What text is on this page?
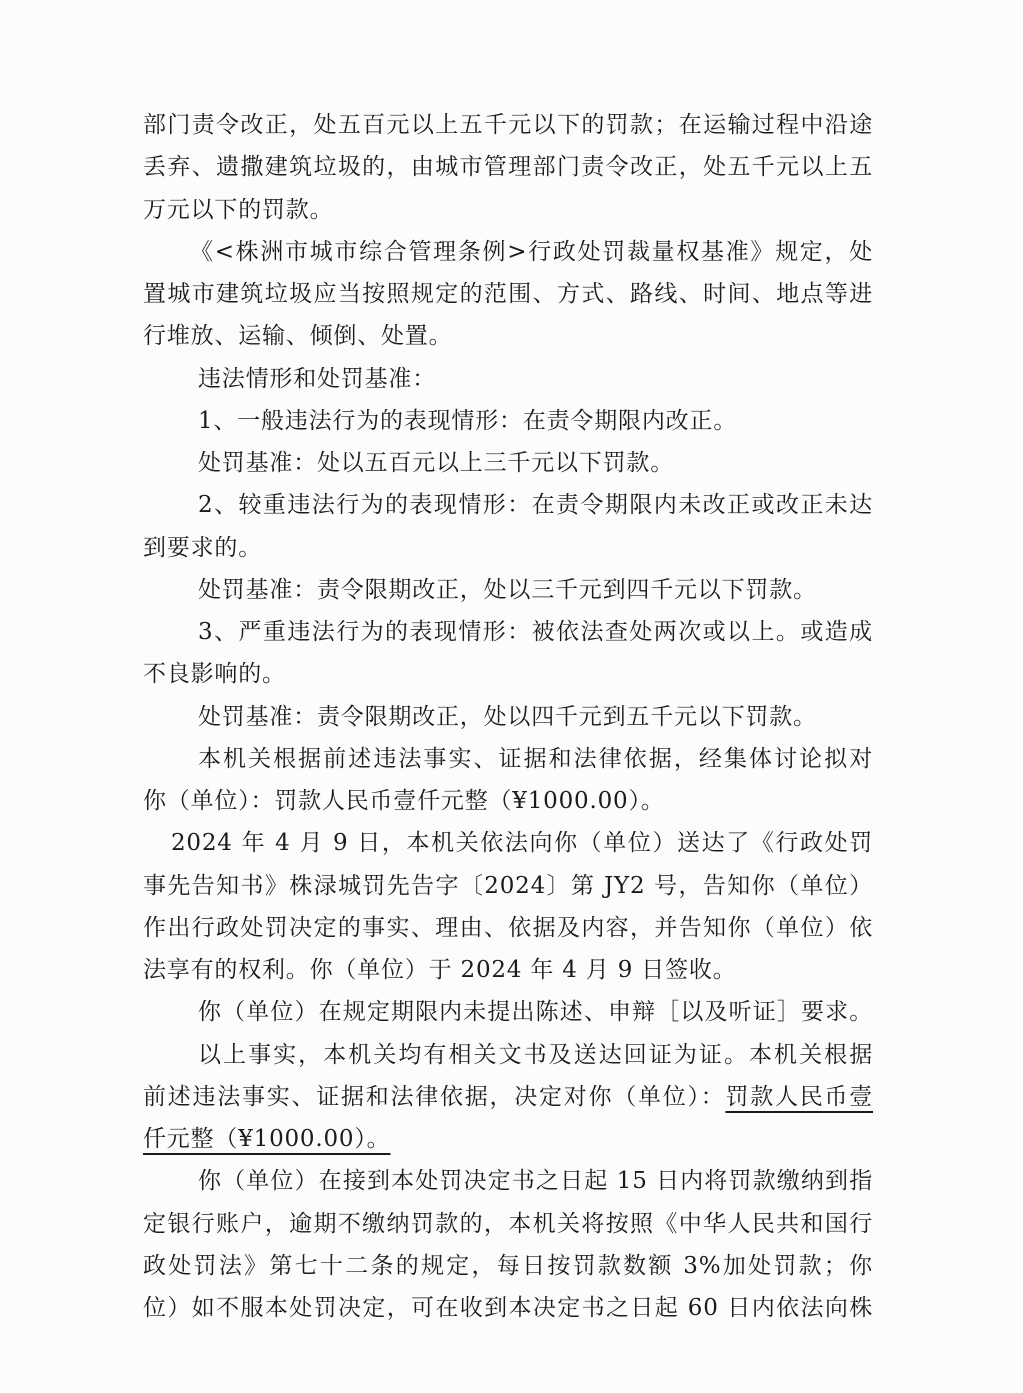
部门责令改正，处五百元以上五千元以下的罚款；在运输过程中沿途
丢弃、遗撒建筑垃圾的，由城市管理部门责令改正，处五千元以上五
万元以下的罚款。
《<株洲市城市综合管理条例>行政处罚裁量权基准》规定，处
置城市建筑垃圾应当按照规定的范围、方式、路线、时间、地点等进
行堆放、运输、倾倒、处置。
违法情形和处罚基准：
1、一般违法行为的表现情形：在责令期限内改正。
处罚基准：处以五百元以上三千元以下罚款。
2、较重违法行为的表现情形：在责令期限内未改正或改正未达
到要求的。
处罚基准：责令限期改正，处以三千元到四千元以下罚款。
3、严重违法行为的表现情形：被依法查处两次或以上。或造成
不良影响的。
处罚基准：责令限期改正，处以四千元到五千元以下罚款。
本机关根据前述违法事实、证据和法律依据，经集体讨论拟对
你（单位）：罚款人民币壹仟元整（¥1000.00）。
2024 年 4 月 9 日，本机关依法向你（单位）送达了《行政处罚
事先告知书》株渌城罚先告字〔2024〕第 JY2 号，告知你（单位）
作出行政处罚决定的事实、理由、依据及内容，并告知你（单位）依
法享有的权利。你（单位）于 2024 年 4 月 9 日签收。
你（单位）在规定期限内未提出陈述、申辩［以及听证］要求。
以上事实，本机关均有相关文书及送达回证为证。本机关根据
前述违法事实、证据和法律依据，决定对你（单位）：罚款人民币壹
仟元整（¥1000.00）。
你（单位）在接到本处罚决定书之日起 15 日内将罚款缴纳到指
定银行账户，逾期不缴纳罚款的，本机关将按照《中华人民共和国行
政处罚法》第七十二条的规定，每日按罚款数额 3%加处罚款；你
位）如不服本处罚决定，可在收到本决定书之日起 60 日内依法向株
